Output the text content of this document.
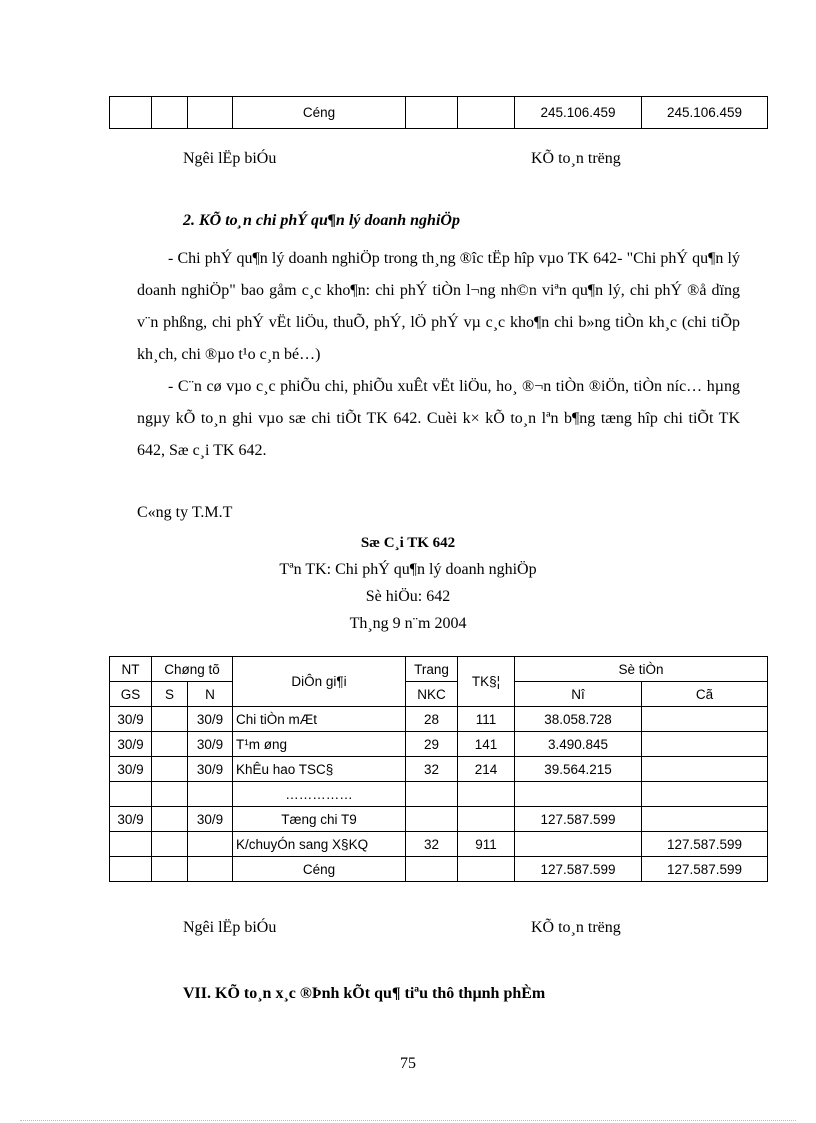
			Céng			245.106.459	245.106.459
Ngêi lËp biÓu	KÕ to¸n trëng
2. KÕ to¸n chi phÝ qu¶n lý doanh nghiÖp

- Chi phÝ qu¶n lý doanh nghiÖp trong th¸ng ®îc tËp hîp vµo TK 642- "Chi phÝ qu¶n lý doanh nghiÖp" bao gåm c¸c kho¶n: chi phÝ tiÒn l¬ng nh©n viªn qu¶n lý, chi phÝ ®å dïng v¨n phßng, chi phÝ vËt liÖu, thuÕ, phÝ, lÖ phÝ vµ c¸c kho¶n chi b»ng tiÒn kh¸c (chi tiÕp kh¸ch, chi ®µo t¹o c¸n bé…)

- C¨n cø vµo c¸c phiÕu chi, phiÕu xuÊt vËt liÖu, ho¸ ®¬n tiÒn ®iÖn, tiÒn níc… hµng ngµy kÕ to¸n ghi vµo sæ chi tiÕt TK 642. Cuèi k× kÕ to¸n lªn b¶ng tæng hîp chi tiÕt TK 642, Sæ c¸i TK 642.

C«ng ty T.M.T
Sæ C¸i TK 642
Tªn TK: Chi phÝ qu¶n lý doanh nghiÖp
Sè hiÖu: 642
Th¸ng 9 n¨m 2004
NT	Chøng tõ		DiÔn gi¶i	Trang	TK§¦	Sè tiÒn	
GS	S	N		NKC		Nî	Cã
30/9		30/9	Chi tiÒn mÆt	28	111	38.058.728	
30/9		30/9	T¹m øng	29	141	3.490.845	
30/9		30/9	KhÊu hao TSC§	32	214	39.564.215	
			……………				
30/9		30/9	Tæng chi T9			127.587.599	
			K/chuyÓn sang X§KQ	32	911		127.587.599
			Céng			127.587.599	127.587.599
Ngêi lËp biÓu	KÕ to¸n trëng
VII. KÕ to¸n x¸c ®Þnh kÕt qu¶ tiªu thô thµnh phÈm
75
